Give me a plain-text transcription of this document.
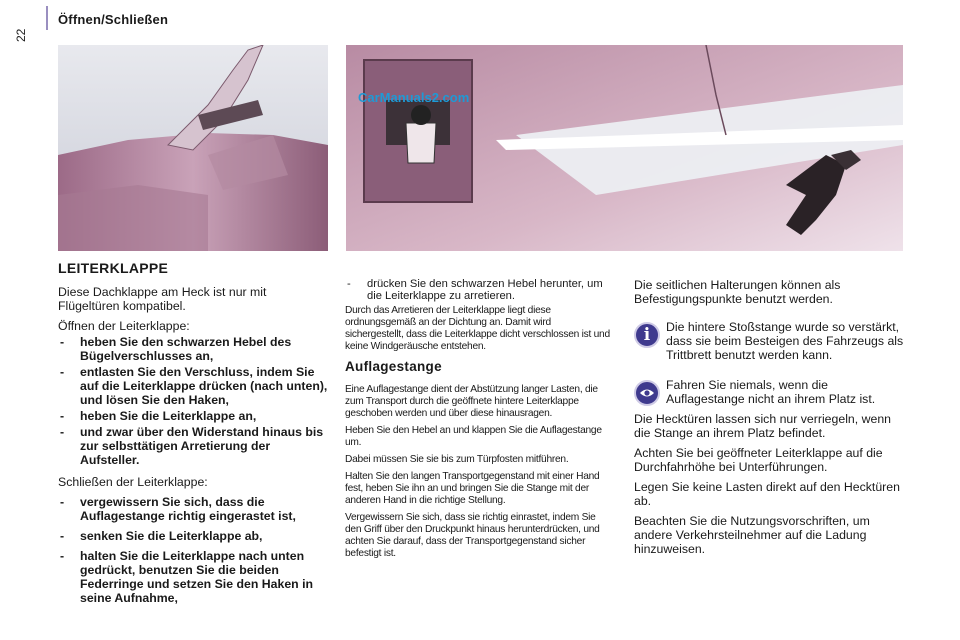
Öffnen/Schließen
22
CarManuals2.com
LEITERKLAPPE

Diese Dachklappe am Heck ist nur mit Flügeltüren kompatibel.

Öffnen der Leiterklappe:

- heben Sie den schwarzen Hebel des Bügelverschlusses an,
- entlasten Sie den Verschluss, indem Sie auf die Leiterklappe drücken (nach unten), und lösen Sie den Haken,
- heben Sie die Leiterklappe an,
- und zwar über den Widerstand hinaus bis zur selbsttätigen Arretierung der Aufsteller.

Schließen der Leiterklappe:

- vergewissern Sie sich, dass die Auflagestange richtig eingerastet ist,
- senken Sie die Leiterklappe ab,
- halten Sie die Leiterklappe nach unten gedrückt, benutzen Sie die beiden Federringe und setzen Sie den Haken in seine Aufnahme,
- drücken Sie den schwarzen Hebel herunter, um die Leiterklappe zu arretieren.

Durch das Arretieren der Leiterklappe liegt diese ordnungsgemäß an der Dichtung an. Damit wird sichergestellt, dass die Leiterklappe dicht verschlossen ist und keine Windgeräusche entstehen.

Auflagestange

Eine Auflagestange dient der Abstützung langer Lasten, die zum Transport durch die geöffnete hintere Leiterklappe geschoben werden und über diese hinausragen.

Heben Sie den Hebel an und klappen Sie die Auflagestange um.

Dabei müssen Sie sie bis zum Türpfosten mitführen.

Halten Sie den langen Transportgegenstand mit einer Hand fest, heben Sie ihn an und bringen Sie die Stange mit der anderen Hand in die richtige Stellung.

Vergewissern Sie sich, dass sie richtig einrastet, indem Sie den Griff über den Druckpunkt hinaus herunterdrücken, und achten Sie darauf, dass der Transportgegenstand sicher befestigt ist.

Die seitlichen Halterungen können als Befestigungspunkte benutzt werden.

i	Die hintere Stoßstange wurde so verstärkt, dass sie beim Besteigen des Fahrzeugs als Trittbrett benutzt werden kann.

Fahren Sie niemals, wenn die Auflagestange nicht an ihrem Platz ist.

Die Hecktüren lassen sich nur verriegeln, wenn die Stange an ihrem Platz befindet.

Achten Sie bei geöffneter Leiterklappe auf die Durchfahrhöhe bei Unterführungen.

Legen Sie keine Lasten direkt auf den Hecktüren ab.

Beachten Sie die Nutzungsvorschriften, um andere Verkehrsteilnehmer auf die Ladung hinzuweisen.
